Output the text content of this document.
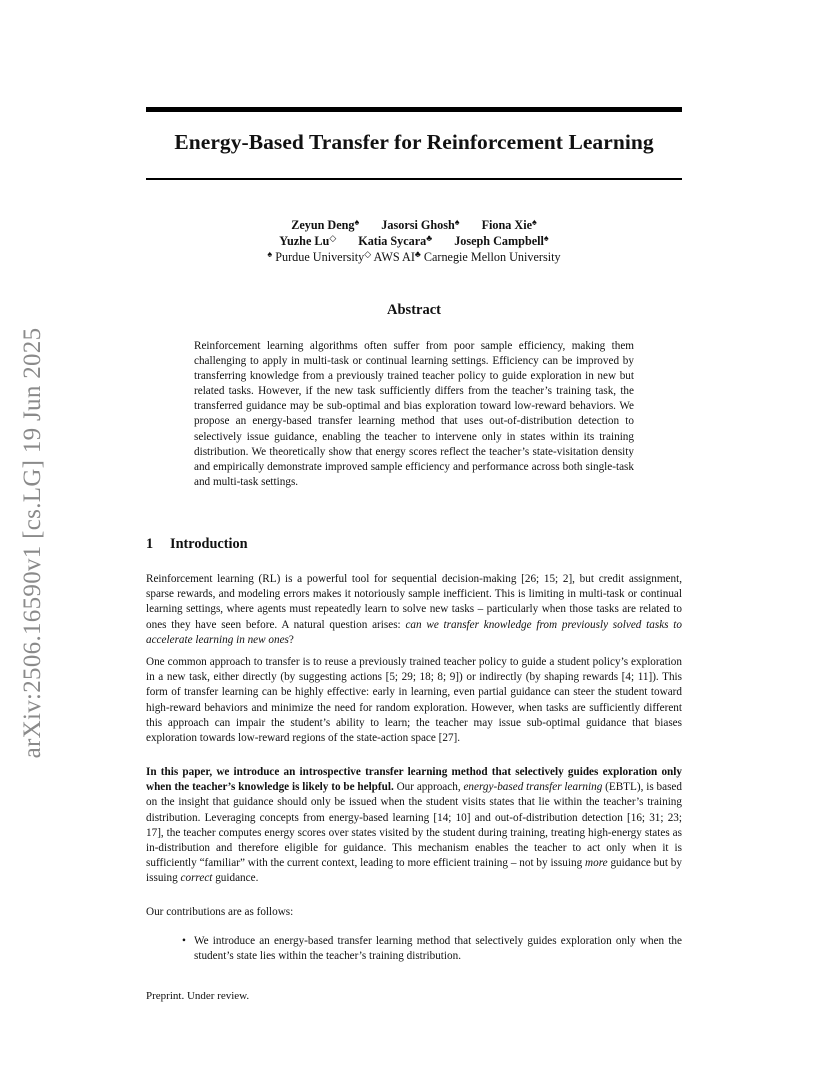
arXiv:2506.16590v1 [cs.LG] 19 Jun 2025
Energy-Based Transfer for Reinforcement Learning
Zeyun Deng♠ Jasorsi Ghosh♠ Fiona Xie♠
Yuzhe Lu◇ Katia Sycara♣ Joseph Campbell♠
♠ Purdue University◇ AWS AI♣ Carnegie Mellon University
Abstract
Reinforcement learning algorithms often suffer from poor sample efficiency, making them challenging to apply in multi-task or continual learning settings. Efficiency can be improved by transferring knowledge from a previously trained teacher policy to guide exploration in new but related tasks. However, if the new task sufficiently differs from the teacher’s training task, the transferred guidance may be sub-optimal and bias exploration toward low-reward behaviors. We propose an energy-based transfer learning method that uses out-of-distribution detection to selectively issue guidance, enabling the teacher to intervene only in states within its training distribution. We theoretically show that energy scores reflect the teacher’s state-visitation density and empirically demonstrate improved sample efficiency and performance across both single-task and multi-task settings.
1 Introduction
Reinforcement learning (RL) is a powerful tool for sequential decision-making [26; 15; 2], but credit assignment, sparse rewards, and modeling errors makes it notoriously sample inefficient. This is limiting in multi-task or continual learning settings, where agents must repeatedly learn to solve new tasks – particularly when those tasks are related to ones they have seen before. A natural question arises: can we transfer knowledge from previously solved tasks to accelerate learning in new ones?
One common approach to transfer is to reuse a previously trained teacher policy to guide a student policy’s exploration in a new task, either directly (by suggesting actions [5; 29; 18; 8; 9]) or indirectly (by shaping rewards [4; 11]). This form of transfer learning can be highly effective: early in learning, even partial guidance can steer the student toward high-reward behaviors and minimize the need for random exploration. However, when tasks are sufficiently different this approach can impair the student’s ability to learn; the teacher may issue sub-optimal guidance that biases exploration towards low-reward regions of the state-action space [27].
In this paper, we introduce an introspective transfer learning method that selectively guides exploration only when the teacher’s knowledge is likely to be helpful. Our approach, energy-based transfer learning (EBTL), is based on the insight that guidance should only be issued when the student visits states that lie within the teacher’s training distribution. Leveraging concepts from energy-based learning [14; 10] and out-of-distribution detection [16; 31; 23; 17], the teacher computes energy scores over states visited by the student during training, treating high-energy states as in-distribution and therefore eligible for guidance. This mechanism enables the teacher to act only when it is sufficiently “familiar” with the current context, leading to more efficient training – not by issuing more guidance but by issuing correct guidance.
Our contributions are as follows:
• We introduce an energy-based transfer learning method that selectively guides exploration only when the student’s state lies within the teacher’s training distribution.
Preprint. Under review.
